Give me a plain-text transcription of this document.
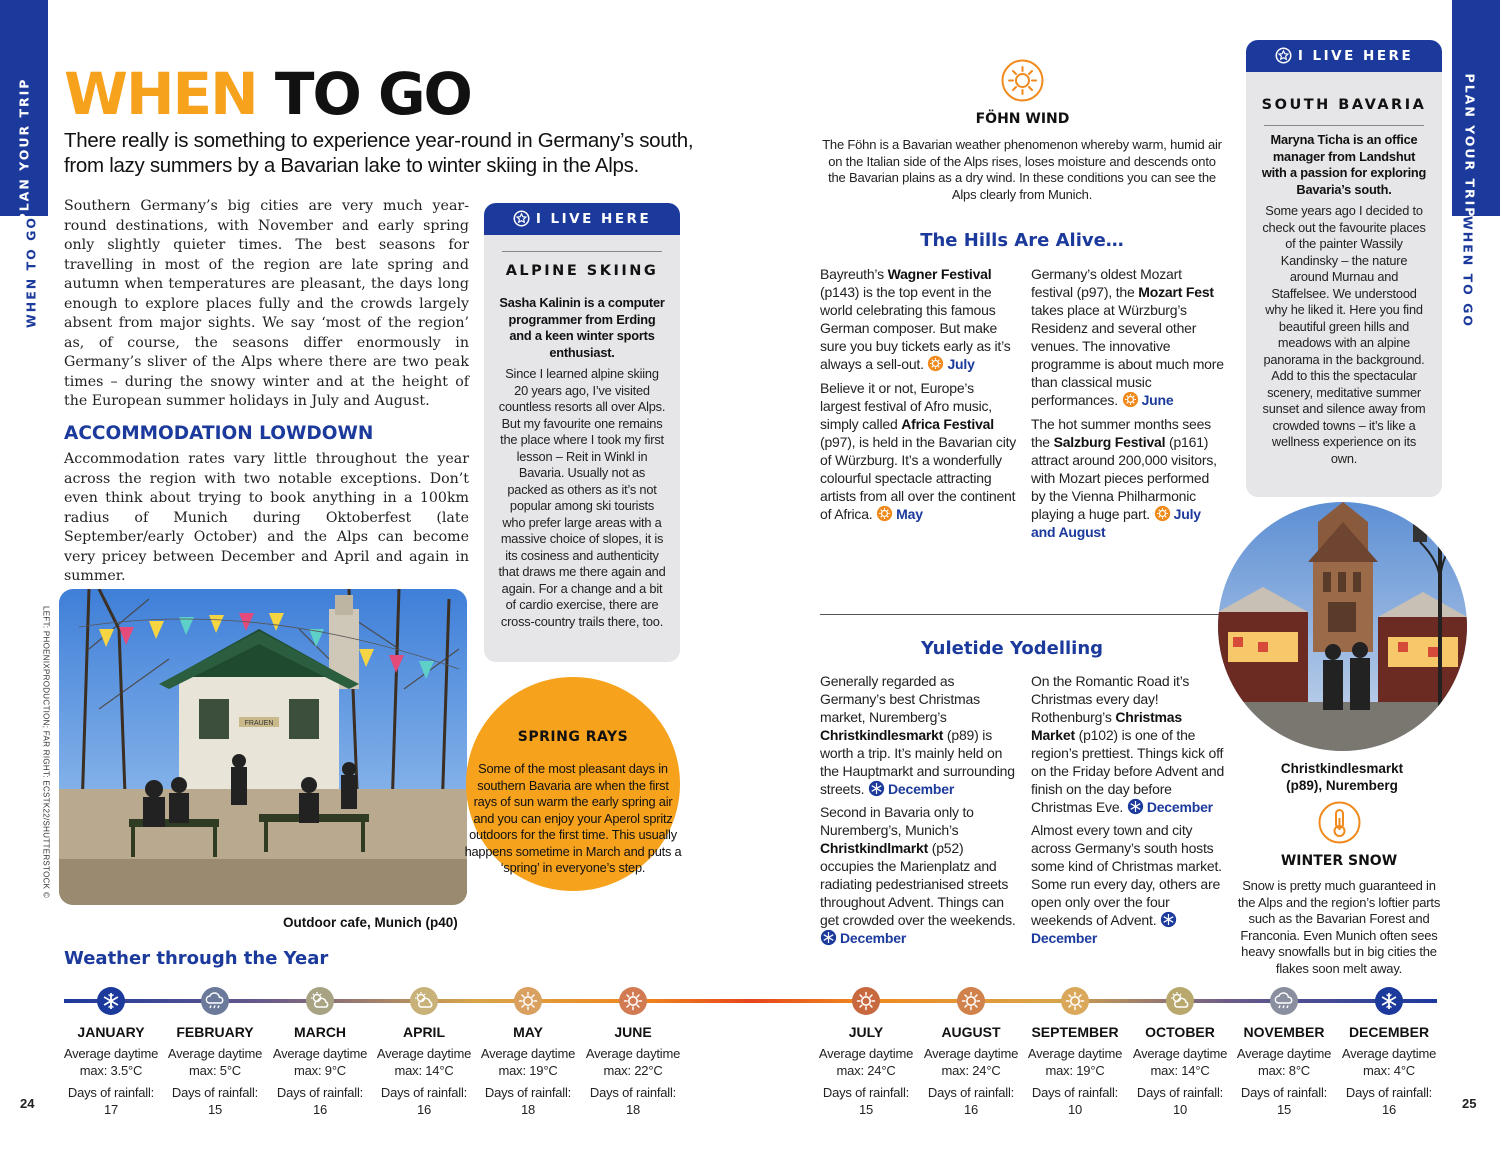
PLAN YOUR TRIP
WHEN TO GO
PLAN YOUR TRIP
WHEN TO GO
24	25
WHEN TO GO
There really is something to experience year-round in Germany’s south, from lazy summers by a Bavarian lake to winter skiing in the Alps.
Southern Germany’s big cities are very much year-round destinations, with November and early spring only slightly quieter times. The best seasons for travelling in most of the region are late spring and autumn when temperatures are pleasant, the days long enough to explore places fully and the crowds largely absent from major sights. We say ‘most of the region’ as, of course, the seasons differ enormously in Germany’s sliver of the Alps where there are two peak times – during the snowy winter and at the height of the European summer holidays in July and August.
ACCOMMODATION LOWDOWN
Accommodation rates vary little throughout the year across the region with two notable exceptions. Don’t even think about trying to book anything in a 100km radius of Munich during Oktoberfest (late September/early October) and the Alps can become very pricey between December and April and again in summer.
I LIVE HERE
ALPINE SKIING
Sasha Kalinin is a computer programmer from Erding and a keen winter sports enthusiast.
Since I learned alpine skiing 20 years ago, I’ve visited countless resorts all over Alps. But my favourite one remains the place where I took my first lesson – Reit in Winkl in Bavaria. Usually not as packed as others as it’s not popular among ski tourists who prefer large areas with a massive choice of slopes, it is its cosiness and authenticity that draws me there again and again. For a change and a bit of cardio exercise, there are cross-country trails there, too.
FRAUEN
LEFT: PHOENIXPRODUCTION; FAR RIGHT: ECSTK22/SHUTTERSTOCK ©
Outdoor cafe, Munich (p40)
SPRING RAYS
Some of the most pleasant days in southern Bavaria are when the first rays of sun warm the early spring air and you can enjoy your Aperol spritz outdoors for the first time. This usually happens sometime in March and puts a ‘spring’ in everyone’s step.
FÖHN WIND
The Föhn is a Bavarian weather phenomenon whereby warm, humid air on the Italian side of the Alps rises, loses moisture and descends onto the Bavarian plains as a dry wind. In these conditions you can see the Alps clearly from Munich.
The Hills Are Alive…

Bayreuth’s Wagner Festival (p143) is the top event in the world celebrating this famous German composer. But make sure you buy tickets early as it’s always a sell-out. July

Believe it or not, Europe’s largest festival of Afro music, simply called Africa Festival (p97), is held in the Bavarian city of Würzburg. It’s a wonderfully colourful spectacle attracting artists from all over the continent of Africa. May

Germany’s oldest Mozart festival (p97), the Mozart Fest takes place at Würzburg’s Residenz and several other venues. The innovative programme is about much more than classical music performances. June

The hot summer months sees the Salzburg Festival (p161) attract around 200,000 visitors, with Mozart pieces performed by the Vienna Philharmonic playing a huge part. July and August

Yuletide Yodelling

Generally regarded as Germany’s best Christmas market, Nuremberg’s Christkindlesmarkt (p89) is worth a trip. It’s mainly held on the Hauptmarkt and surrounding streets. December

Second in Bavaria only to Nuremberg’s, Munich’s Christkindlmarkt (p52) occupies the Marienplatz and radiating pedestrianised streets throughout Advent. Things can get crowded over the weekends. December

On the Romantic Road it’s Christmas every day! Rothenburg’s Christmas Market (p102) is one of the region’s prettiest. Things kick off on the Friday before Advent and finish on the day before Christmas Eve. December

Almost every town and city across Germany’s south hosts some kind of Christmas market. Some run every day, others are open only over the four weekends of Advent. December

I LIVE HERE
SOUTH BAVARIA
Maryna Ticha is an office manager from Landshut with a passion for exploring Bavaria’s south.
Some years ago I decided to check out the favourite places of the painter Wassily Kandinsky – the nature around Murnau and Staffelsee. We understood why he liked it. Here you find beautiful green hills and meadows with an alpine panorama in the background. Add to this the spectacular scenery, meditative summer sunset and silence away from crowded towns – it’s like a wellness experience on its own.
Christkindlesmarkt (p89), Nuremberg
WINTER SNOW
Snow is pretty much guaranteed in the Alps and the region’s loftier parts such as the Bavarian Forest and Franconia. Even Munich often sees heavy snowfalls but in big cities the flakes soon melt away.
Weather through the Year
JANUARY
Average daytime
max: 3.5°C
Days of rainfall:
17
FEBRUARY
Average daytime
max: 5°C
Days of rainfall:
15
MARCH
Average daytime
max: 9°C
Days of rainfall:
16
APRIL
Average daytime
max: 14°C
Days of rainfall:
16
MAY
Average daytime
max: 19°C
Days of rainfall:
18
JUNE
Average daytime
max: 22°C
Days of rainfall:
18
JULY
Average daytime
max: 24°C
Days of rainfall:
15
AUGUST
Average daytime
max: 24°C
Days of rainfall:
16
SEPTEMBER
Average daytime
max: 19°C
Days of rainfall:
10
OCTOBER
Average daytime
max: 14°C
Days of rainfall:
10
NOVEMBER
Average daytime
max: 8°C
Days of rainfall:
15
DECEMBER
Average daytime
max: 4°C
Days of rainfall:
16
